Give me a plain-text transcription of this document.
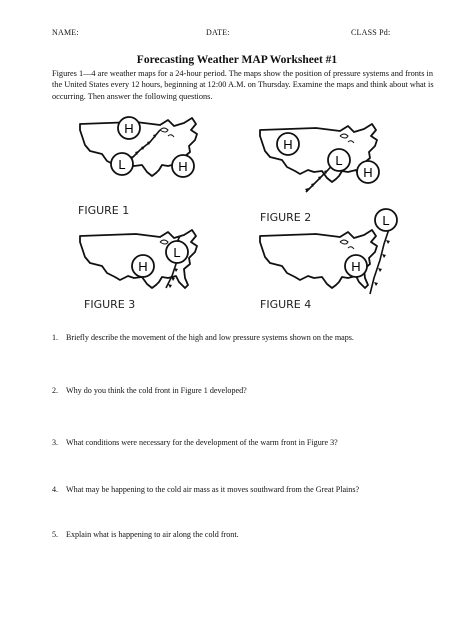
NAME:	DATE:	CLASS Pd:
Forecasting Weather MAP Worksheet #1
Figures 1—4 are weather maps for a 24-hour period. The maps show the position of pressure systems and fronts in the United States every 12 hours, beginning at 12:00 A.M. on Thursday. Examine the maps and think about what is occurring. Then answer the following questions.
H
L	H
FIGURE 1
H
L
H
FIGURE 2
H
L
FIGURE 3
L
H
FIGURE 4
1. Briefly describe the movement of the high and low pressure systems shown on the maps.
2. Why do you think the cold front in Figure 1 developed?
3. What conditions were necessary for the development of the warm front in Figure 3?
4. What may be happening to the cold air mass as it moves southward from the Great Plains?
5. Explain what is happening to air along the cold front.
